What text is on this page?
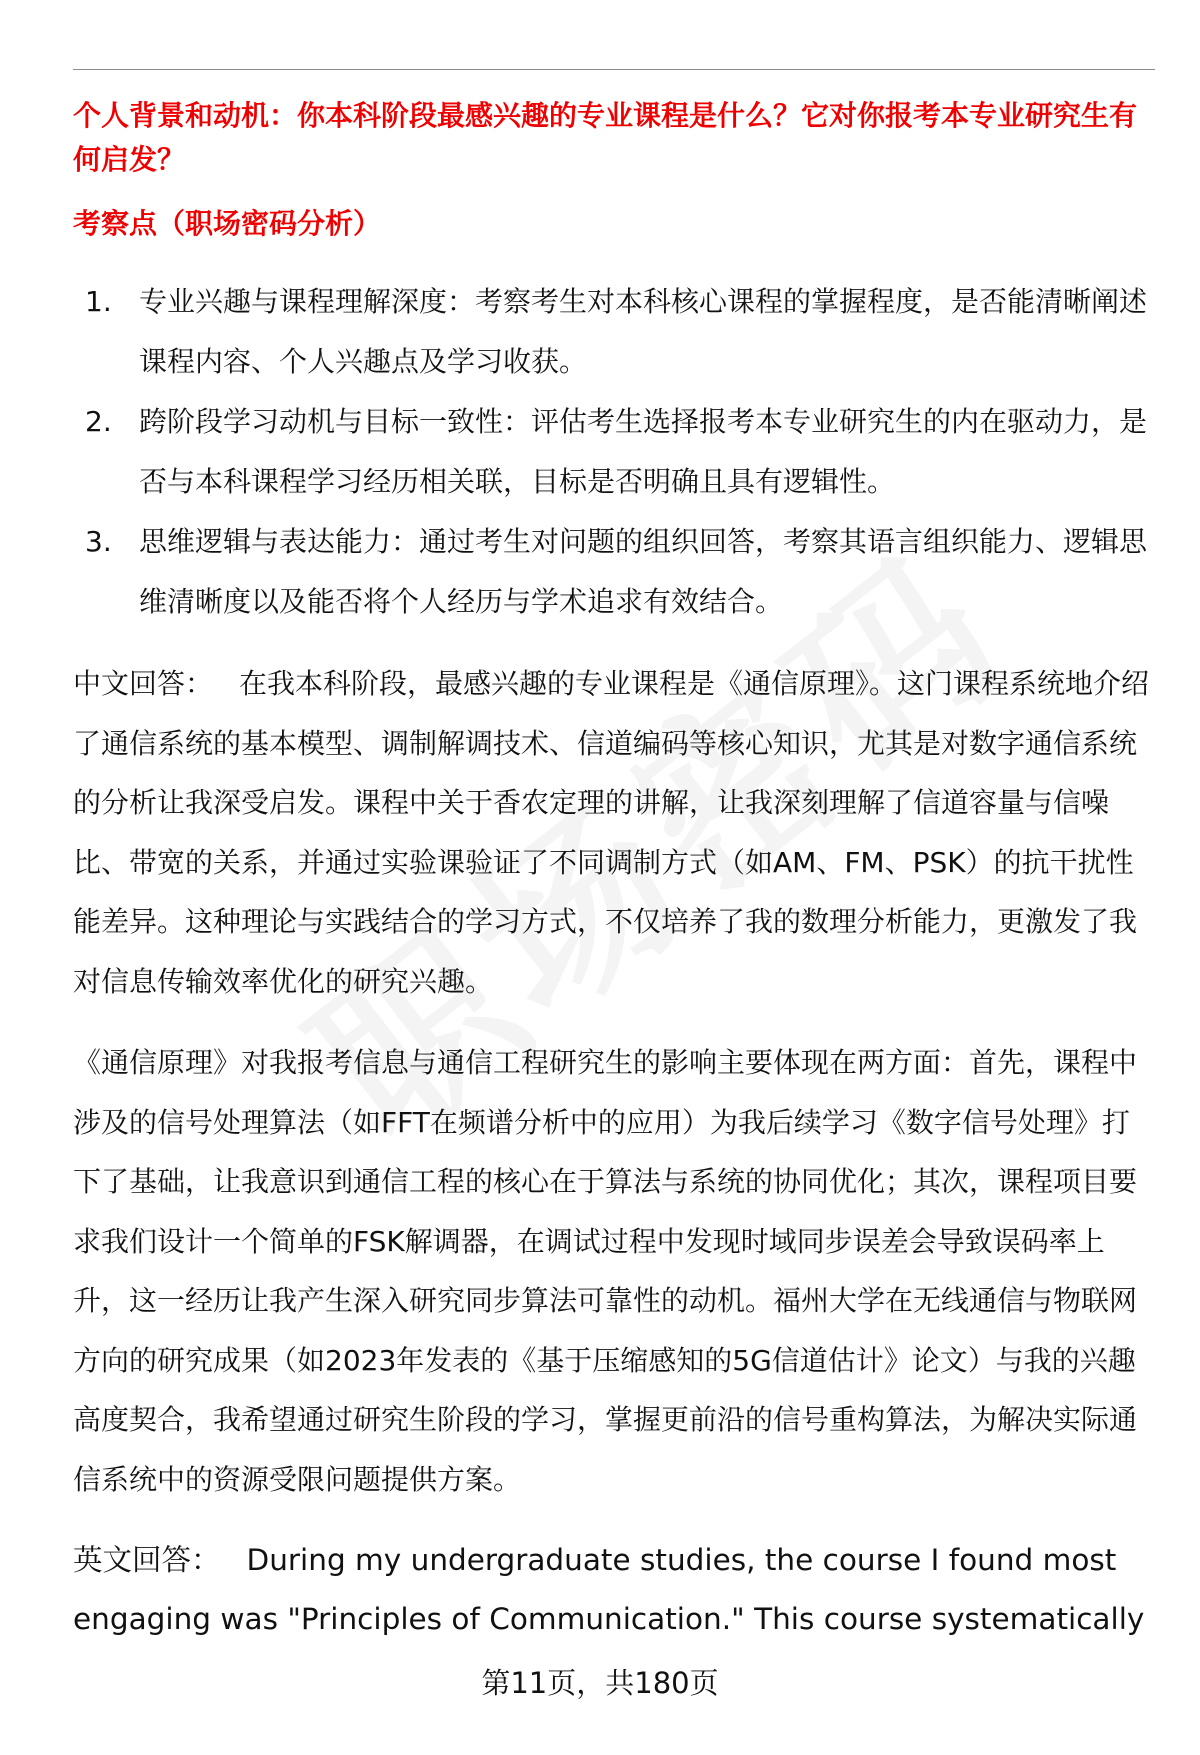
个人背景和动机：你本科阶段最感兴趣的专业课程是什么？它对你报考本专业研究生有何启发？

考察点（职场密码分析）

1. 专业兴趣与课程理解深度：考察考生对本科核心课程的掌握程度，是否能清晰阐述课程内容、个人兴趣点及学习收获。
2. 跨阶段学习动机与目标一致性：评估考生选择报考本专业研究生的内在驱动力，是否与本科课程学习经历相关联，目标是否明确且具有逻辑性。
3. 思维逻辑与表达能力：通过考生对问题的组织回答，考察其语言组织能力、逻辑思维清晰度以及能否将个人经历与学术追求有效结合。

中文回答： 在我本科阶段，最感兴趣的专业课程是《通信原理》。这门课程系统地介绍了通信系统的基本模型、调制解调技术、信道编码等核心知识，尤其是对数字通信系统的分析让我深受启发。课程中关于香农定理的讲解，让我深刻理解了信道容量与信噪比、带宽的关系，并通过实验课验证了不同调制方式（如AM、FM、PSK）的抗干扰性能差异。这种理论与实践结合的学习方式，不仅培养了我的数理分析能力，更激发了我对信息传输效率优化的研究兴趣。

《通信原理》对我报考信息与通信工程研究生的影响主要体现在两方面：首先，课程中涉及的信号处理算法（如FFT在频谱分析中的应用）为我后续学习《数字信号处理》打下了基础，让我意识到通信工程的核心在于算法与系统的协同优化；其次，课程项目要求我们设计一个简单的FSK解调器，在调试过程中发现时域同步误差会导致误码率上升，这一经历让我产生深入研究同步算法可靠性的动机。福州大学在无线通信与物联网方向的研究成果（如2023年发表的《基于压缩感知的5G信道估计》论文）与我的兴趣高度契合，我希望通过研究生阶段的学习，掌握更前沿的信号重构算法，为解决实际通信系统中的资源受限问题提供方案。

英文回答： During my undergraduate studies, the course I found most engaging was "Principles of Communication." This course systematically

第11页，共180页
